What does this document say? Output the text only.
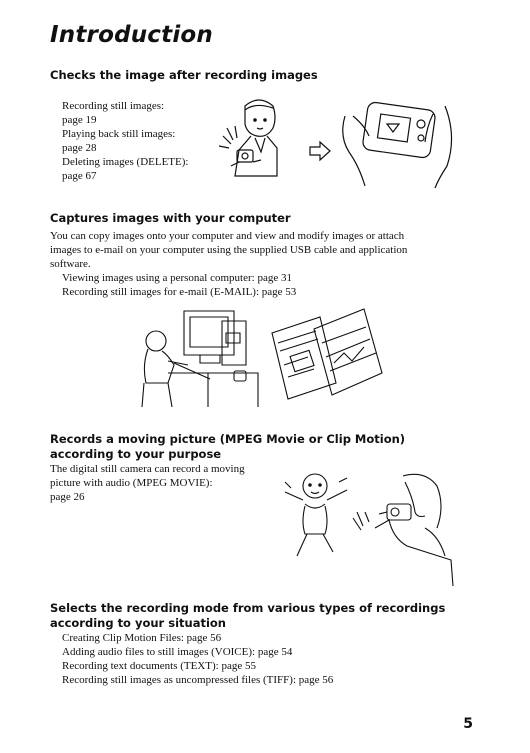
Introduction
Checks the image after recording images
Recording still images:
page 19
Playing back still images:
page 28
Deleting images (DELETE):
page 67
Captures images with your computer
You can copy images onto your computer and view and modify images or attach
images to e-mail on your computer using the supplied USB cable and application
software.
Viewing images using a personal computer: page 31
Recording still images for e-mail (E-MAIL): page 53
Records a moving picture (MPEG Movie or Clip Motion)
according to your purpose
The digital still camera can record a moving
picture with audio (MPEG MOVIE):
page 26
Selects the recording mode from various types of recordings
according to your situation
Creating Clip Motion Files: page 56
Adding audio files to still images (VOICE): page 54
Recording text documents (TEXT): page 55
Recording still images as uncompressed files (TIFF): page 56
5
